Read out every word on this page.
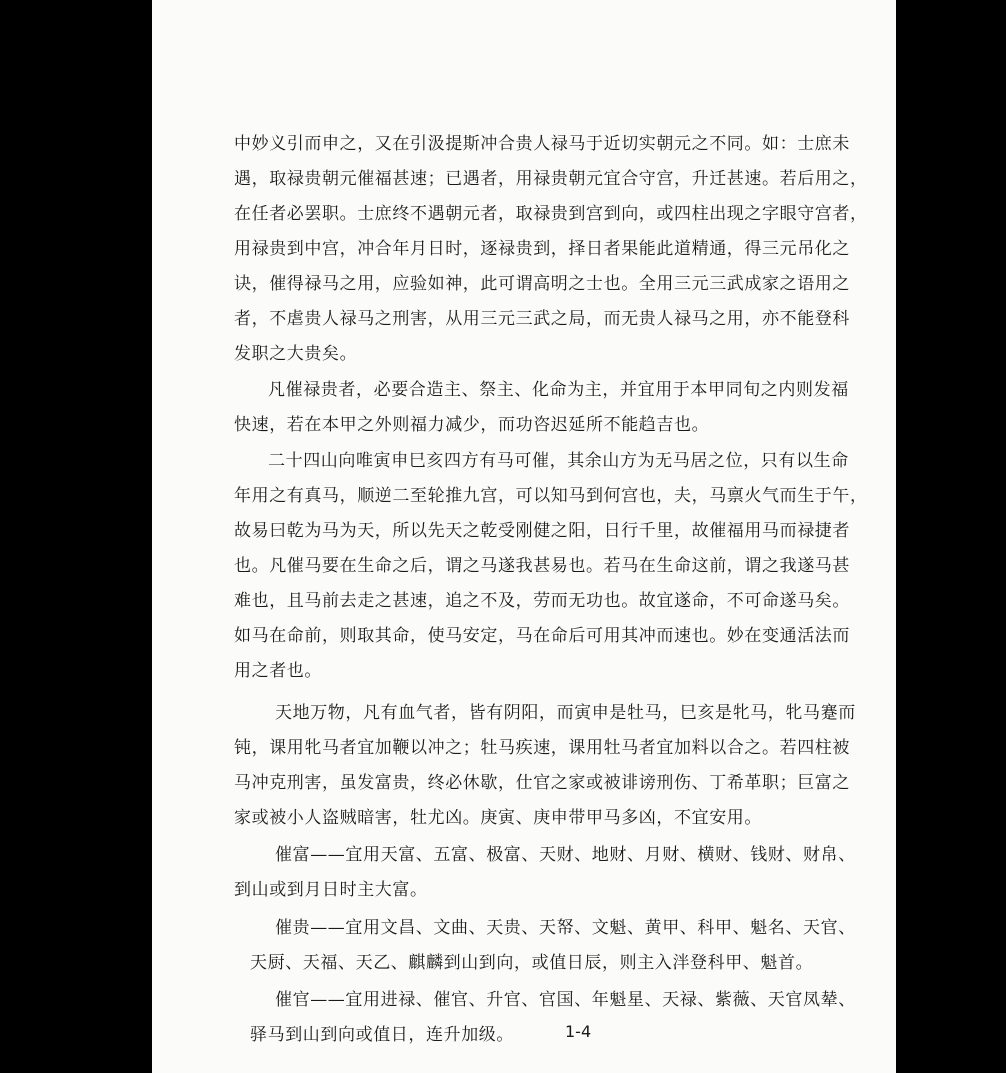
中妙义引而申之，又在引汲提斯冲合贵人禄马于近切实朝元之不同。如：士庶未
遇，取禄贵朝元催福甚速；已遇者，用禄贵朝元宜合守宫，升迁甚速。若后用之，
在任者必罢职。士庶终不遇朝元者，取禄贵到宫到向，或四柱出现之字眼守宫者，
用禄贵到中宫，冲合年月日时，逐禄贵到，择日者果能此道精通，得三元吊化之
诀，催得禄马之用，应验如神，此可谓高明之士也。全用三元三武成家之语用之
者，不虐贵人禄马之刑害，从用三元三武之局，而无贵人禄马之用，亦不能登科
发职之大贵矣。
凡催禄贵者，必要合造主、祭主、化命为主，并宜用于本甲同旬之内则发福
快速，若在本甲之外则福力减少，而功咨迟延所不能趋吉也。
二十四山向唯寅申巳亥四方有马可催，其余山方为无马居之位，只有以生命
年用之有真马，顺逆二至轮推九宫，可以知马到何宫也，夫，马禀火气而生于午，
故易曰乾为马为天，所以先天之乾受刚健之阳，日行千里，故催福用马而禄捷者
也。凡催马要在生命之后，谓之马遂我甚易也。若马在生命这前，谓之我遂马甚
难也，且马前去走之甚速，追之不及，劳而无功也。故宜遂命，不可命遂马矣。
如马在命前，则取其命，使马安定，马在命后可用其冲而速也。妙在变通活法而
用之者也。
天地万物，凡有血气者，皆有阴阳，而寅申是牡马，巳亥是牝马，牝马蹇而
钝，课用牝马者宜加鞭以冲之；牡马疾速，课用牡马者宜加料以合之。若四柱被
马冲克刑害，虽发富贵，终必休歇，仕官之家或被诽谤刑伤、丁希革职；巨富之
家或被小人盗贼暗害，牡尤凶。庚寅、庚申带甲马多凶，不宜安用。
催富——宜用天富、五富、极富、天财、地财、月财、横财、钱财、财帛、
到山或到月日时主大富。
催贵——宜用文昌、文曲、天贵、天帑、文魁、黄甲、科甲、魁名、天官、
天厨、天福、天乙、麒麟到山到向，或值日辰，则主入泮登科甲、魁首。
催官——宜用进禄、催官、升官、官国、年魁星、天禄、紫薇、天官凤辇、
驿马到山到向或值日，连升加级。	1-4
